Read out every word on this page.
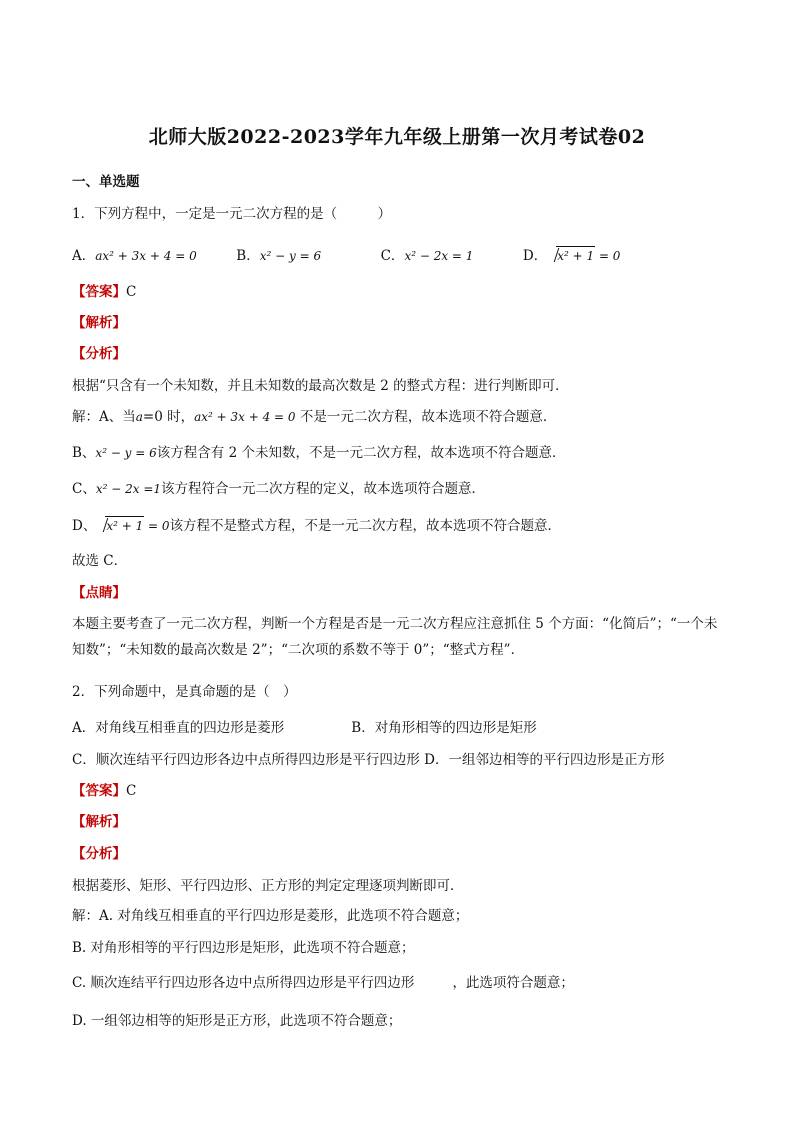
北师大版2022-2023学年九年级上册第一次月考试卷02
一、单选题
1．下列方程中，一定是一元二次方程的是（　　　）
A．ax² + 3x + 4 = 0	B．x² − y = 6	C．x² − 2x = 1	D． x² + 1 = 0
【答案】C
【解析】
【分析】
根据“只含有一个未知数，并且未知数的最高次数是 2 的整式方程：进行判断即可．
解：A、当a=0 时，ax² + 3x + 4 = 0 不是一元二次方程，故本选项不符合题意．
B、x² − y = 6该方程含有 2 个未知数，不是一元二次方程，故本选项不符合题意．
C、x² − 2x =1该方程符合一元二次方程的定义，故本选项符合题意．
D、 x² + 1 = 0该方程不是整式方程，不是一元二次方程，故本选项不符合题意．
故选 C．
【点睛】
本题主要考查了一元二次方程，判断一个方程是否是一元二次方程应注意抓住 5 个方面：“化简后”；“一个未知数”；“未知数的最高次数是 2”；“二次项的系数不等于 0”；“整式方程”．
2．下列命题中，是真命题的是（　）
A．对角线互相垂直的四边形是菱形	B．对角形相等的四边形是矩形
C．顺次连结平行四边形各边中点所得四边形是平行四边形 D．一组邻边相等的平行四边形是正方形
【答案】C
【解析】
【分析】
根据菱形、矩形、平行四边形、正方形的判定定理逐项判断即可．
解：A. 对角线互相垂直的平行四边形是菱形，此选项不符合题意；
B. 对角形相等的平行四边形是矩形，此选项不符合题意；
C. 顺次连结平行四边形各边中点所得四边形是平行四边形	，此选项符合题意；
D. 一组邻边相等的矩形是正方形，此选项不符合题意；
